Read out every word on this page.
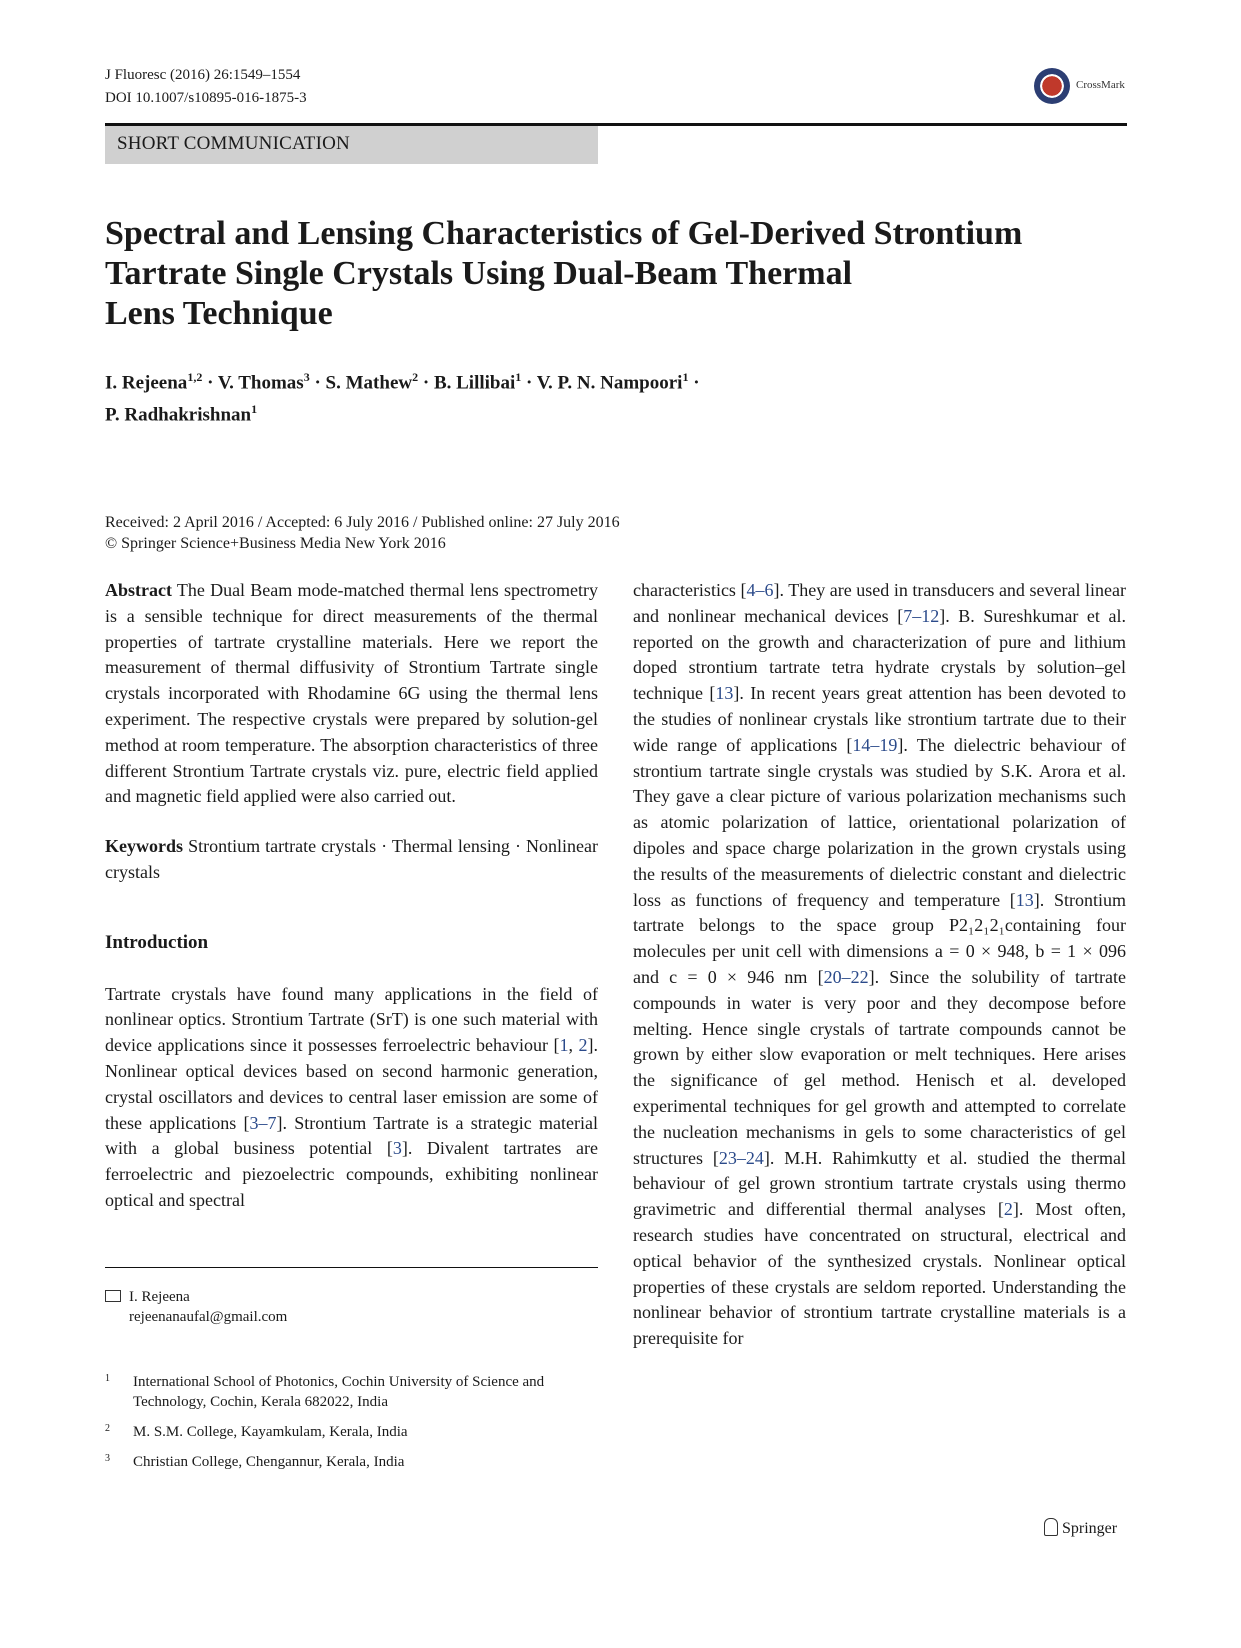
J Fluoresc (2016) 26:1549–1554
DOI 10.1007/s10895-016-1875-3
CrossMark
SHORT COMMUNICATION
Spectral and Lensing Characteristics of Gel-Derived Strontium
Tartrate Single Crystals Using Dual-Beam Thermal
Lens Technique
I. Rejeena$^{1,2}$ · V. Thomas$^3$ · S. Mathew$^2$ · B. Lillibai$^1$ · V. P. N. Nampoori$^1$ ·
P. Radhakrishnan$^1$
Received: 2 April 2016 / Accepted: 6 July 2016 / Published online: 27 July 2016
© Springer Science+Business Media New York 2016

Abstract The Dual Beam mode-matched thermal lens spectrometry is a sensible technique for direct measurements of the thermal properties of tartrate crystalline materials. Here we report the measurement of thermal diffusivity of Strontium Tartrate single crystals incorporated with Rhodamine 6G using the thermal lens experiment. The respective crystals were prepared by solution-gel method at room temperature. The absorption characteristics of three different Strontium Tartrate crystals viz. pure, electric field applied and magnetic field applied were also carried out.

Keywords Strontium tartrate crystals · Thermal lensing · Nonlinear crystals

Introduction

Tartrate crystals have found many applications in the field of nonlinear optics. Strontium Tartrate (SrT) is one such material with device applications since it possesses ferroelectric behaviour [1, 2]. Nonlinear optical devices based on second harmonic generation, crystal oscillators and devices to central laser emission are some of these applications [3–7]. Strontium Tartrate is a strategic material with a global business potential [3]. Divalent tartrates are ferroelectric and piezoelectric compounds, exhibiting nonlinear optical and spectral

I. Rejeena
rejeenanaufal@gmail.com
1 International School of Photonics, Cochin University of Science and Technology, Cochin, Kerala 682022, India
2 M. S.M. College, Kayamkulam, Kerala, India
3 Christian College, Chengannur, Kerala, India

characteristics [4–6]. They are used in transducers and several linear and nonlinear mechanical devices [7–12]. B. Sureshkumar et al. reported on the growth and characterization of pure and lithium doped strontium tartrate tetra hydrate crystals by solution–gel technique [13]. In recent years great attention has been devoted to the studies of nonlinear crystals like strontium tartrate due to their wide range of applications [14–19]. The dielectric behaviour of strontium tartrate single crystals was studied by S.K. Arora et al. They gave a clear picture of various polarization mechanisms such as atomic polarization of lattice, orientational polarization of dipoles and space charge polarization in the grown crystals using the results of the measurements of dielectric constant and dielectric loss as functions of frequency and temperature [13]. Strontium tartrate belongs to the space group P2₁2₁2₁containing four molecules per unit cell with dimensions a = 0 × 948, b = 1 × 096 and c = 0 × 946 nm [20–22]. Since the solubility of tartrate compounds in water is very poor and they decompose before melting. Hence single crystals of tartrate compounds cannot be grown by either slow evaporation or melt techniques. Here arises the significance of gel method. Henisch et al. developed experimental techniques for gel growth and attempted to correlate the nucleation mechanisms in gels to some characteristics of gel structures [23–24]. M.H. Rahimkutty et al. studied the thermal behaviour of gel grown strontium tartrate crystals using thermo gravimetric and differential thermal analyses [2]. Most often, research studies have concentrated on structural, electrical and optical behavior of the synthesized crystals. Nonlinear optical properties of these crystals are seldom reported. Understanding the nonlinear behavior of strontium tartrate crystalline materials is a prerequisite for

Springer
